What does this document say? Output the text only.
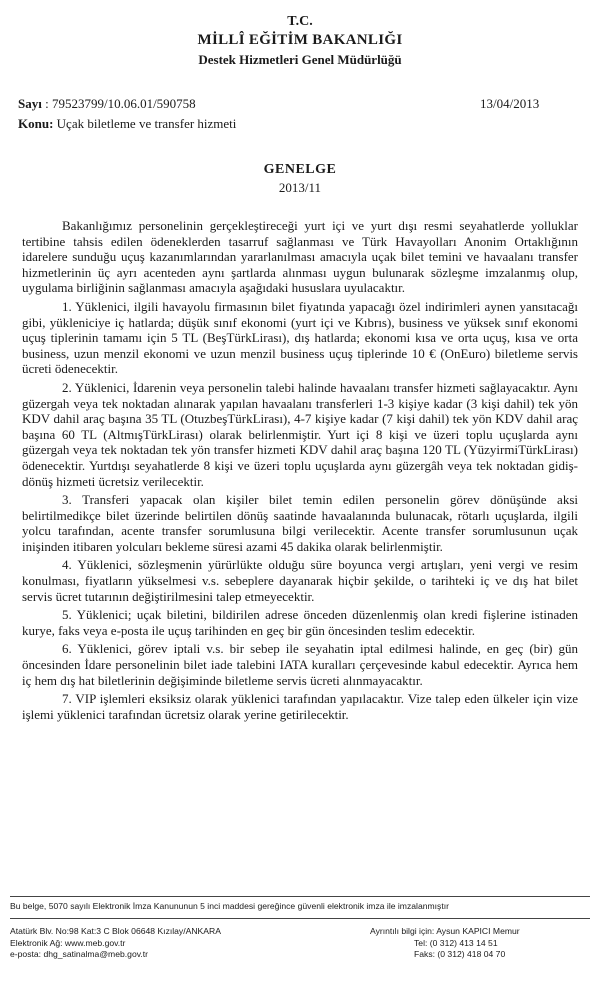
T.C.
MİLLÎ EĞİTİM BAKANLIĞI
Destek Hizmetleri Genel Müdürlüğü
Sayı : 79523799/10.06.01/590758	13/04/2013
Konu: Uçak biletleme ve transfer hizmeti
GENELGE
2013/11

Bakanlığımız personelinin gerçekleştireceği yurt içi ve yurt dışı resmi seyahatlerde yolluklar tertibine tahsis edilen ödeneklerden tasarruf sağlanması ve Türk Havayolları Anonim Ortaklığının idarelere sunduğu uçuş kazanımlarından yararlanılması amacıyla uçak bilet temini ve havaalanı transfer hizmetlerinin üç ayrı acenteden aynı şartlarda alınması uygun bulunarak sözleşme imzalanmış olup, uygulama birliğinin sağlanması amacıyla aşağıdaki hususlara uyulacaktır.

1. Yüklenici, ilgili havayolu firmasının bilet fiyatında yapacağı özel indirimleri aynen yansıtacağı gibi, yükleniciye iç hatlarda; düşük sınıf ekonomi (yurt içi ve Kıbrıs), business ve yüksek sınıf ekonomi uçuş tiplerinin tamamı için 5 TL (BeşTürkLirası), dış hatlarda; ekonomi kısa ve orta uçuş, kısa ve orta business, uzun menzil ekonomi ve uzun menzil business uçuş tiplerinde 10 € (OnEuro) biletleme servis ücreti ödenecektir.

2. Yüklenici, İdarenin veya personelin talebi halinde havaalanı transfer hizmeti sağlayacaktır. Aynı güzergah veya tek noktadan alınarak yapılan havaalanı transferleri 1-3 kişiye kadar (3 kişi dahil) tek yön KDV dahil araç başına 35 TL (OtuzbeşTürkLirası), 4-7 kişiye kadar (7 kişi dahil) tek yön KDV dahil araç başına 60 TL (AltmışTürkLirası) olarak belirlenmiştir. Yurt içi 8 kişi ve üzeri toplu uçuşlarda aynı güzergah veya tek noktadan tek yön transfer hizmeti KDV dahil araç başına 120 TL (YüzyirmiTürkLirası) ödenecektir. Yurtdışı seyahatlerde 8 kişi ve üzeri toplu uçuşlarda aynı güzergâh veya tek noktadan gidiş-dönüş hizmeti ücretsiz verilecektir.

3. Transferi yapacak olan kişiler bilet temin edilen personelin görev dönüşünde aksi belirtilmedikçe bilet üzerinde belirtilen dönüş saatinde havaalanında bulunacak, rötarlı uçuşlarda, ilgili yolcu tarafından, acente transfer sorumlusuna bilgi verilecektir. Acente transfer sorumlusunun uçak inişinden itibaren yolcuları bekleme süresi azami 45 dakika olarak belirlenmiştir.

4. Yüklenici, sözleşmenin yürürlükte olduğu süre boyunca vergi artışları, yeni vergi ve resim konulması, fiyatların yükselmesi v.s. sebeplere dayanarak hiçbir şekilde, o tarihteki iç ve dış hat bilet servis ücret tutarının değiştirilmesini talep etmeyecektir.

5. Yüklenici; uçak biletini, bildirilen adrese önceden düzenlenmiş olan kredi fişlerine istinaden kurye, faks veya e-posta ile uçuş tarihinden en geç bir gün öncesinden teslim edecektir.

6. Yüklenici, görev iptali v.s. bir sebep ile seyahatin iptal edilmesi halinde, en geç (bir) gün öncesinden İdare personelinin bilet iade talebini IATA kuralları çerçevesinde kabul edecektir. Ayrıca hem iç hem dış hat biletlerinin değişiminde biletleme servis ücreti alınmayacaktır.

7. VIP işlemleri eksiksiz olarak yüklenici tarafından yapılacaktır. Vize talep eden ülkeler için vize işlemi yüklenici tarafından ücretsiz olarak yerine getirilecektir.

Bu belge, 5070 sayılı Elektronik İmza Kanununun 5 inci maddesi gereğince güvenli elektronik imza ile imzalanmıştır
Atatürk Blv. No:98 Kat:3 C Blok 06648 Kızılay/ANKARA
Elektronik Ağ: www.meb.gov.tr
e-posta: dhg_satinalma@meb.gov.tr
Ayrıntılı bilgi için: Aysun KAPICI Memur
Tel: (0 312) 413 14 51
Faks: (0 312) 418 04 70
